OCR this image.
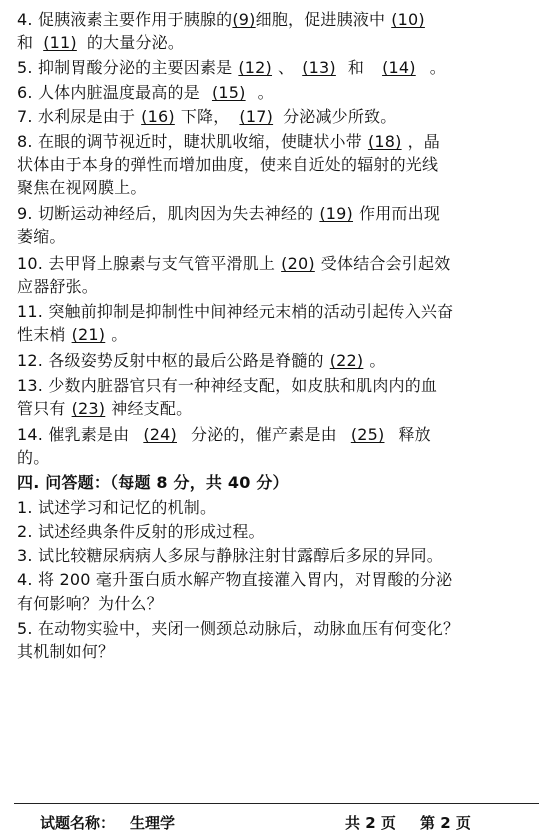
4. 促胰液素主要作用于胰腺的(9)细胞，促进胰液中 (10)
和 (11) 的大量分泌。
5. 抑制胃酸分泌的主要因素是 (12) 、 (13) 和 (14) 。
6. 人体内脏温度最高的是 (15) 。
7. 水利尿是由于 (16) 下降， (17) 分泌减少所致。
8. 在眼的调节视近时，睫状肌收缩，使睫状小带 (18) ，晶
状体由于本身的弹性而增加曲度，使来自近处的辐射的光线
聚焦在视网膜上。
9. 切断运动神经后，肌肉因为失去神经的 (19) 作用而出现
萎缩。
10. 去甲肾上腺素与支气管平滑肌上 (20) 受体结合会引起效
应器舒张。
11. 突触前抑制是抑制性中间神经元末梢的活动引起传入兴奋
性末梢 (21) 。
12. 各级姿势反射中枢的最后公路是脊髓的 (22) 。
13. 少数内脏器官只有一种神经支配，如皮肤和肌肉内的血
管只有 (23) 神经支配。
14. 催乳素是由 (24) 分泌的，催产素是由 (25) 释放
的。
四. 问答题：（每题 8 分，共 40 分）
1. 试述学习和记忆的机制。
2. 试述经典条件反射的形成过程。
3. 试比较糖尿病病人多尿与静脉注射甘露醇后多尿的异同。
4. 将 200 毫升蛋白质水解产物直接灌入胃内，对胃酸的分泌
有何影响？为什么？
5. 在动物实验中，夹闭一侧颈总动脉后，动脉血压有何变化？
其机制如何？
试题名称： 生理学	共 2 页 第 2 页
